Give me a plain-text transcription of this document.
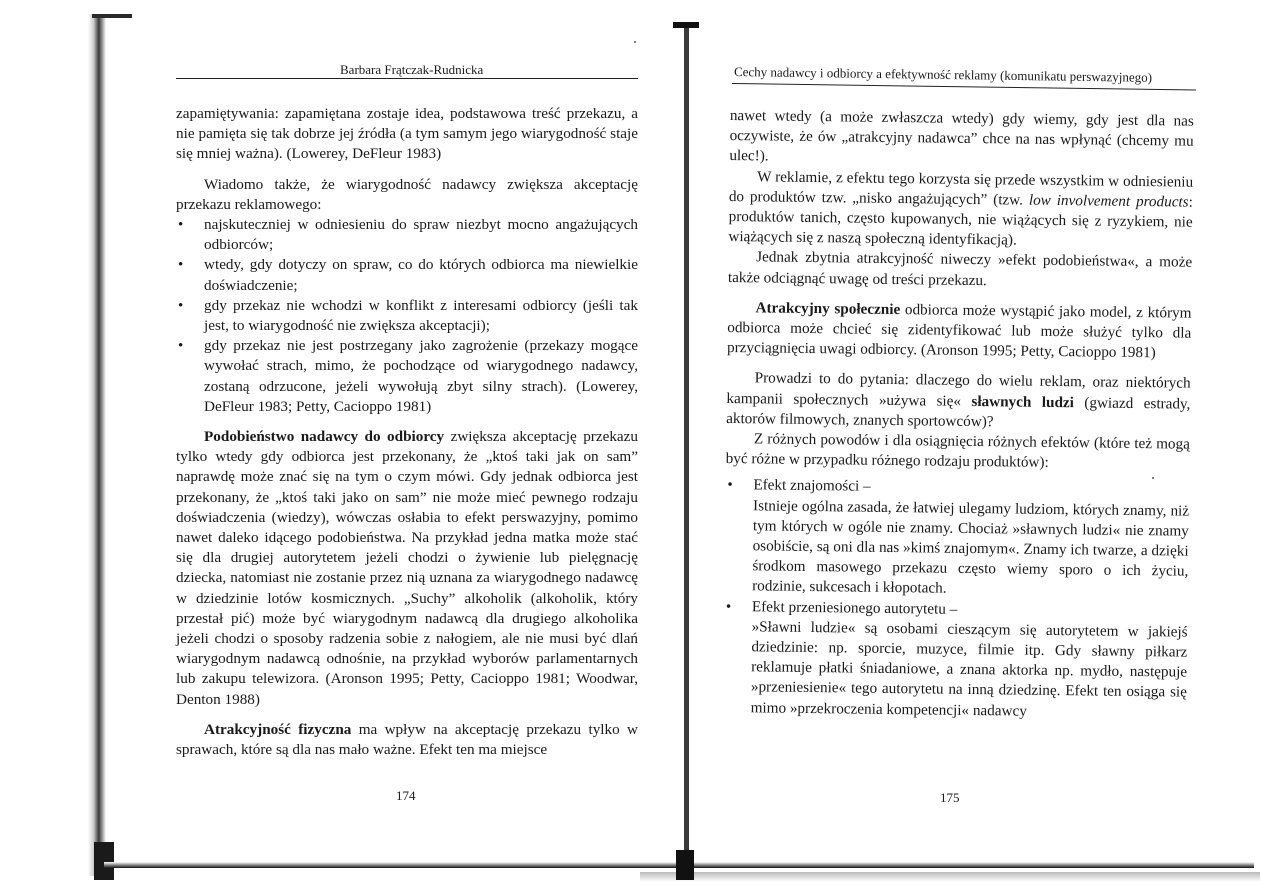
Barbara Frątczak-Rudnicka

zapamiętywania: zapamiętana zostaje idea, podstawowa treść przekazu, a nie pamięta się tak dobrze jej źródła (a tym samym jego wiarygodność staje się mniej ważna). (Lowerey, DeFleur 1983)

Wiadomo także, że wiarygodność nadawcy zwiększa akceptację przekazu reklamowego:

• najskuteczniej w odniesieniu do spraw niezbyt mocno angażujących odbiorców;
• wtedy, gdy dotyczy on spraw, co do których odbiorca ma niewielkie doświadczenie;
• gdy przekaz nie wchodzi w konflikt z interesami odbiorcy (jeśli tak jest, to wiarygodność nie zwiększa akceptacji);
• gdy przekaz nie jest postrzegany jako zagrożenie (przekazy mogące wywołać strach, mimo, że pochodzące od wiarygodnego nadawcy, zostaną odrzucone, jeżeli wywołują zbyt silny strach). (Lowerey, DeFleur 1983; Petty, Cacioppo 1981)

Podobieństwo nadawcy do odbiorcy zwiększa akceptację przekazu tylko wtedy gdy odbiorca jest przekonany, że „ktoś taki jak on sam” naprawdę może znać się na tym o czym mówi. Gdy jednak odbiorca jest przekonany, że „ktoś taki jako on sam” nie może mieć pewnego rodzaju doświadczenia (wiedzy), wówczas osłabia to efekt perswazyjny, pomimo nawet daleko idącego podobieństwa. Na przykład jedna matka może stać się dla drugiej autorytetem jeżeli chodzi o żywienie lub pielęgnację dziecka, natomiast nie zostanie przez nią uznana za wiarygodnego nadawcę w dziedzinie lotów kosmicznych. „Suchy” alkoholik (alkoholik, który przestał pić) może być wiarygodnym nadawcą dla drugiego alkoholika jeżeli chodzi o sposoby radzenia sobie z nałogiem, ale nie musi być dlań wiarygodnym nadawcą odnośnie, na przykład wyborów parlamentarnych lub zakupu telewizora. (Aronson 1995; Petty, Cacioppo 1981; Woodwar, Denton 1988)

Atrakcyjność fizyczna ma wpływ na akceptację przekazu tylko w sprawach, które są dla nas mało ważne. Efekt ten ma miejsce

174
Cechy nadawcy i odbiorcy a efektywność reklamy (komunikatu perswazyjnego)

nawet wtedy (a może zwłaszcza wtedy) gdy wiemy, gdy jest dla nas oczywiste, że ów „atrakcyjny nadawca” chce na nas wpłynąć (chcemy mu ulec!).

W reklamie, z efektu tego korzysta się przede wszystkim w odniesieniu do produktów tzw. „nisko angażujących” (tzw. low involvement products: produktów tanich, często kupowanych, nie wiążących się z ryzykiem, nie wiążących się z naszą społeczną identyfikacją).

Jednak zbytnia atrakcyjność niweczy »efekt podobieństwa«, a może także odciągnąć uwagę od treści przekazu.

Atrakcyjny społecznie odbiorca może wystąpić jako model, z którym odbiorca może chcieć się zidentyfikować lub może służyć tylko dla przyciągnięcia uwagi odbiorcy. (Aronson 1995; Petty, Cacioppo 1981)

Prowadzi to do pytania: dlaczego do wielu reklam, oraz niektórych kampanii społecznych »używa się« sławnych ludzi (gwiazd estrady, aktorów filmowych, znanych sportowców)?

Z różnych powodów i dla osiągnięcia różnych efektów (które też mogą być różne w przypadku różnego rodzaju produktów):

• Efekt znajomości –
Istnieje ogólna zasada, że łatwiej ulegamy ludziom, których znamy, niż tym których w ogóle nie znamy. Chociaż »sławnych ludzi« nie znamy osobiście, są oni dla nas »kimś znajomym«. Znamy ich twarze, a dzięki środkom masowego przekazu często wiemy sporo o ich życiu, rodzinie, sukcesach i kłopotach.
• Efekt przeniesionego autorytetu –
»Sławni ludzie« są osobami cieszącym się autorytetem w jakiejś dziedzinie: np. sporcie, muzyce, filmie itp. Gdy sławny piłkarz reklamuje płatki śniadaniowe, a znana aktorka np. mydło, następuje »przeniesienie« tego autorytetu na inną dziedzinę. Efekt ten osiąga się mimo »przekroczenia kompetencji« nadawcy
175
